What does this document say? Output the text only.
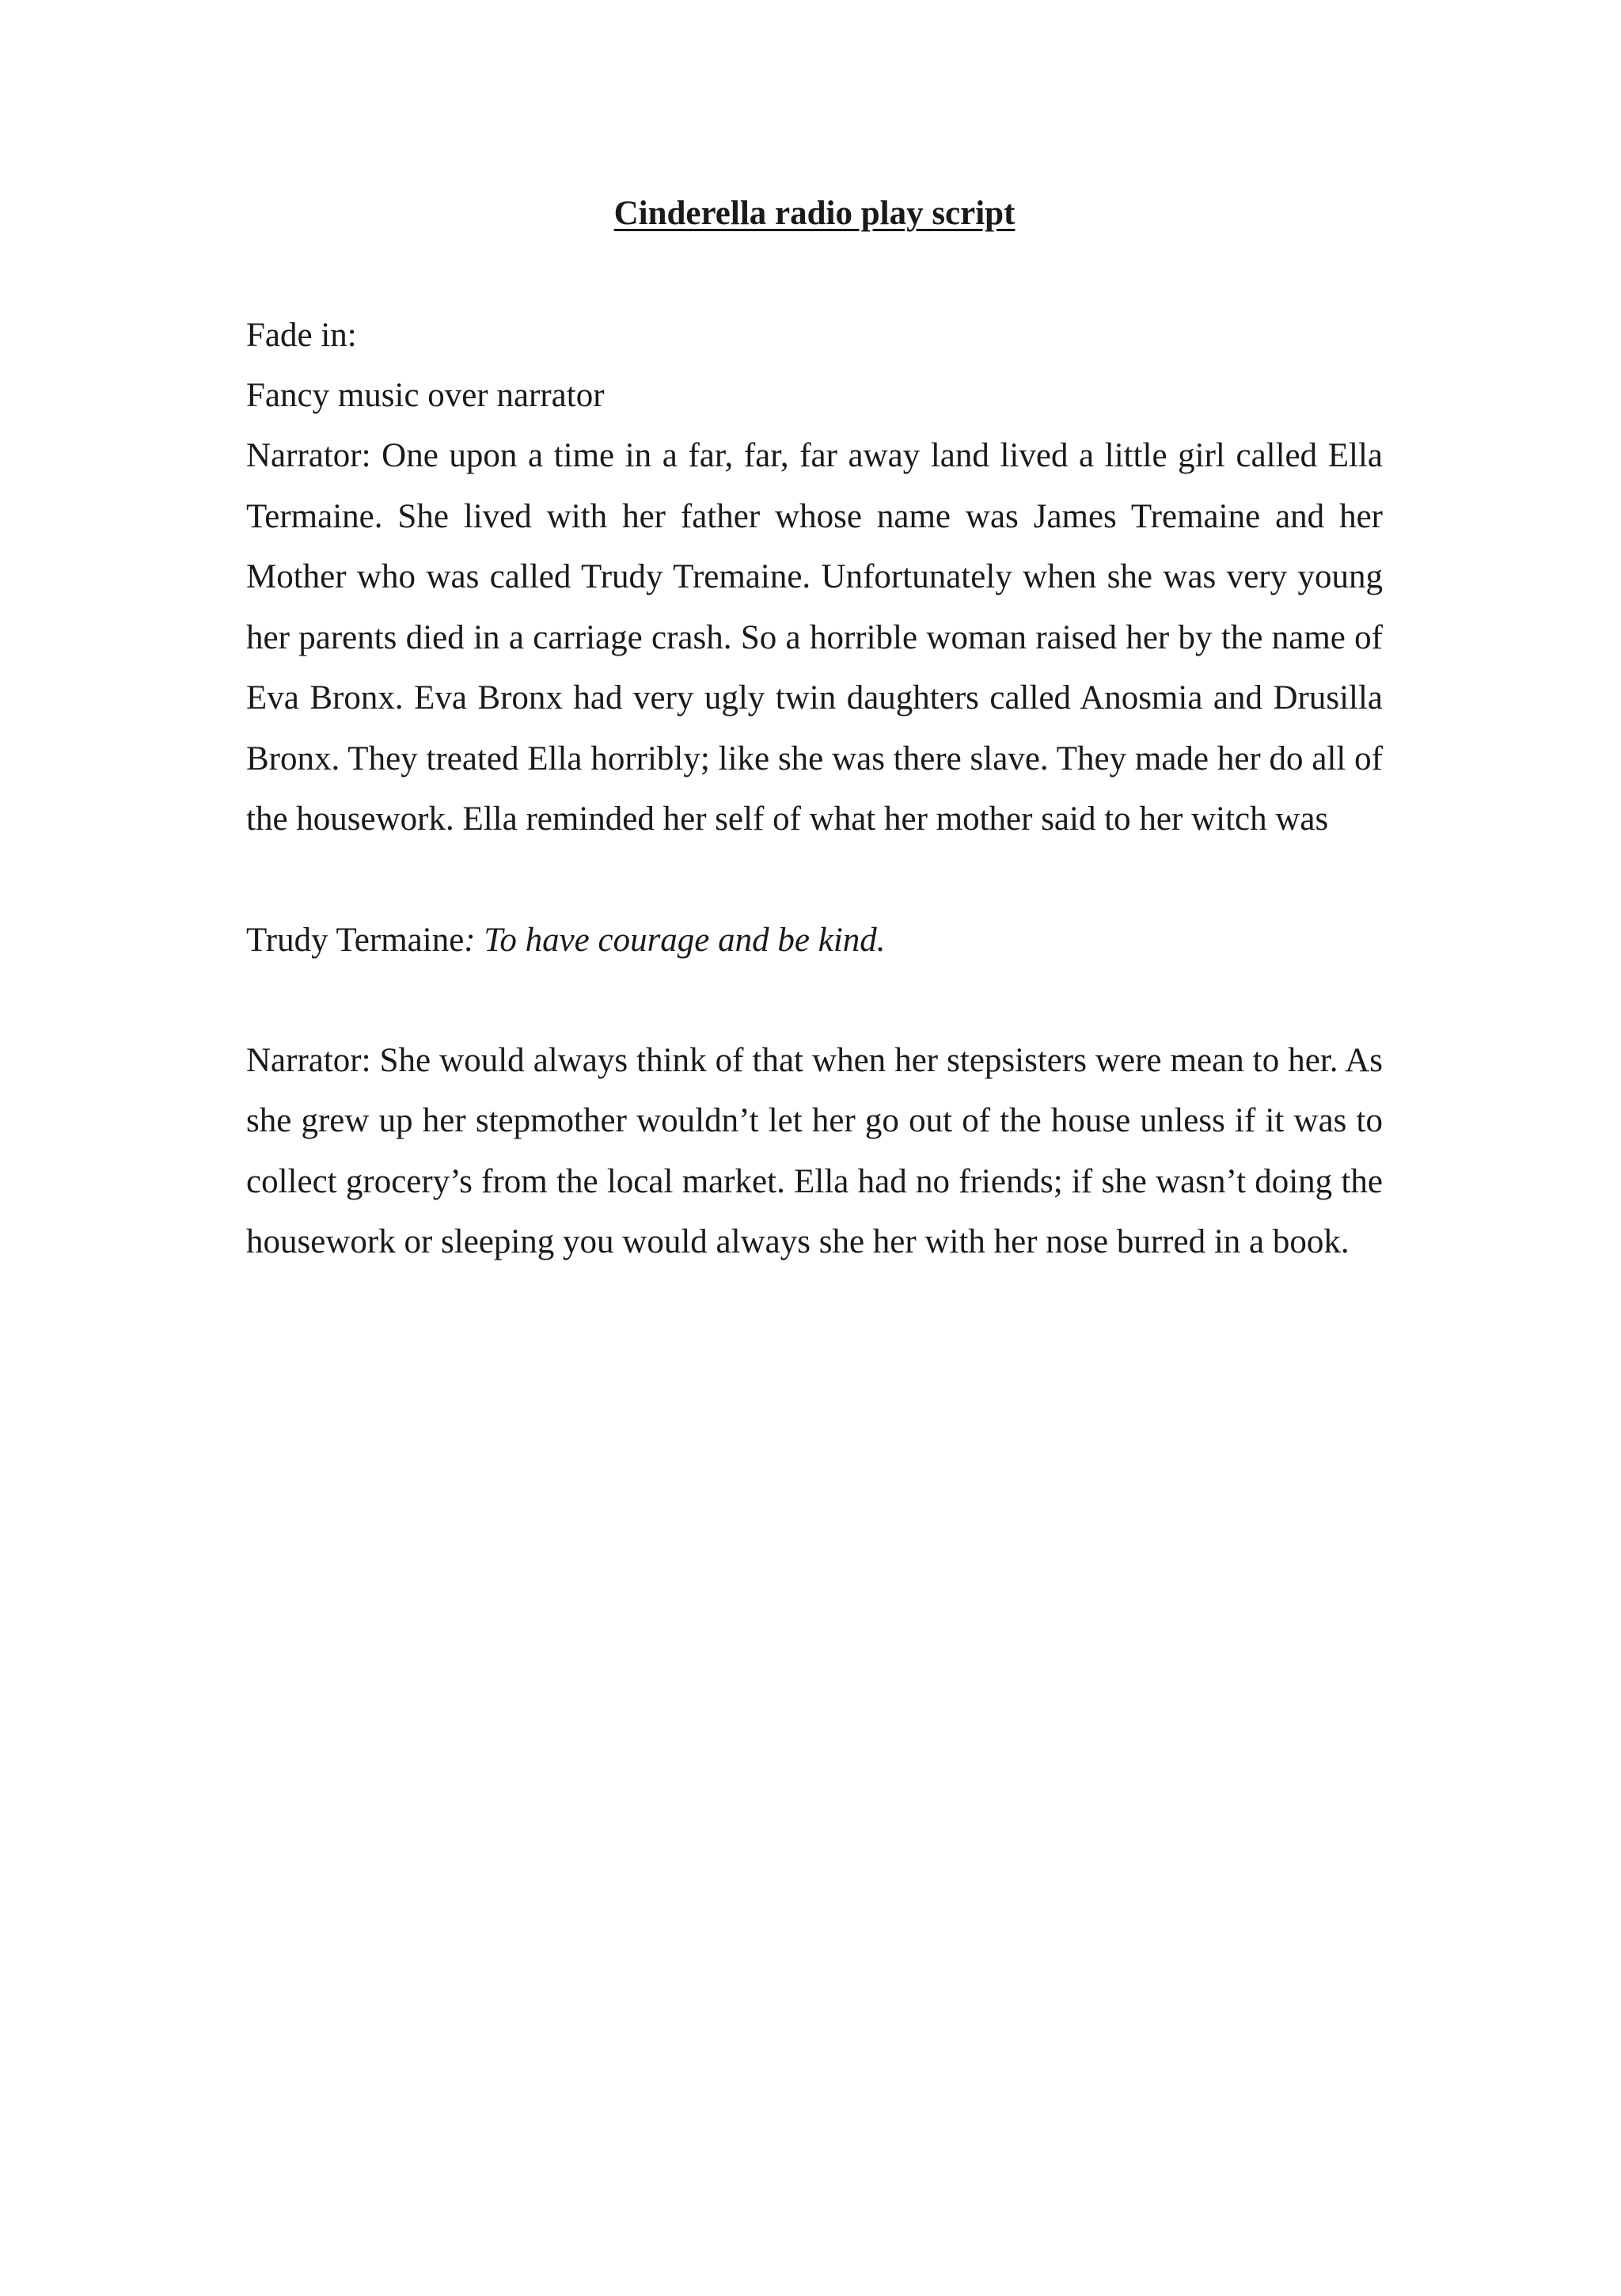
Cinderella radio play script

Fade in:

Fancy music over narrator

Narrator: One upon a time in a far, far, far away land lived a little girl called Ella Termaine. She lived with her father whose name was James Tremaine and her Mother who was called Trudy Tremaine. Unfortunately when she was very young her parents died in a carriage crash. So a horrible woman raised her by the name of Eva Bronx. Eva Bronx had very ugly twin daughters called Anosmia and Drusilla Bronx. They treated Ella horribly; like she was there slave. They made her do all of the housework. Ella reminded her self of what her mother said to her witch was

Trudy Termaine: To have courage and be kind.

Narrator: She would always think of that when her stepsisters were mean to her. As she grew up her stepmother wouldn’t let her go out of the house unless if it was to collect grocery’s from the local market. Ella had no friends; if she wasn’t doing the housework or sleeping you would always she her with her nose burred in a book.
